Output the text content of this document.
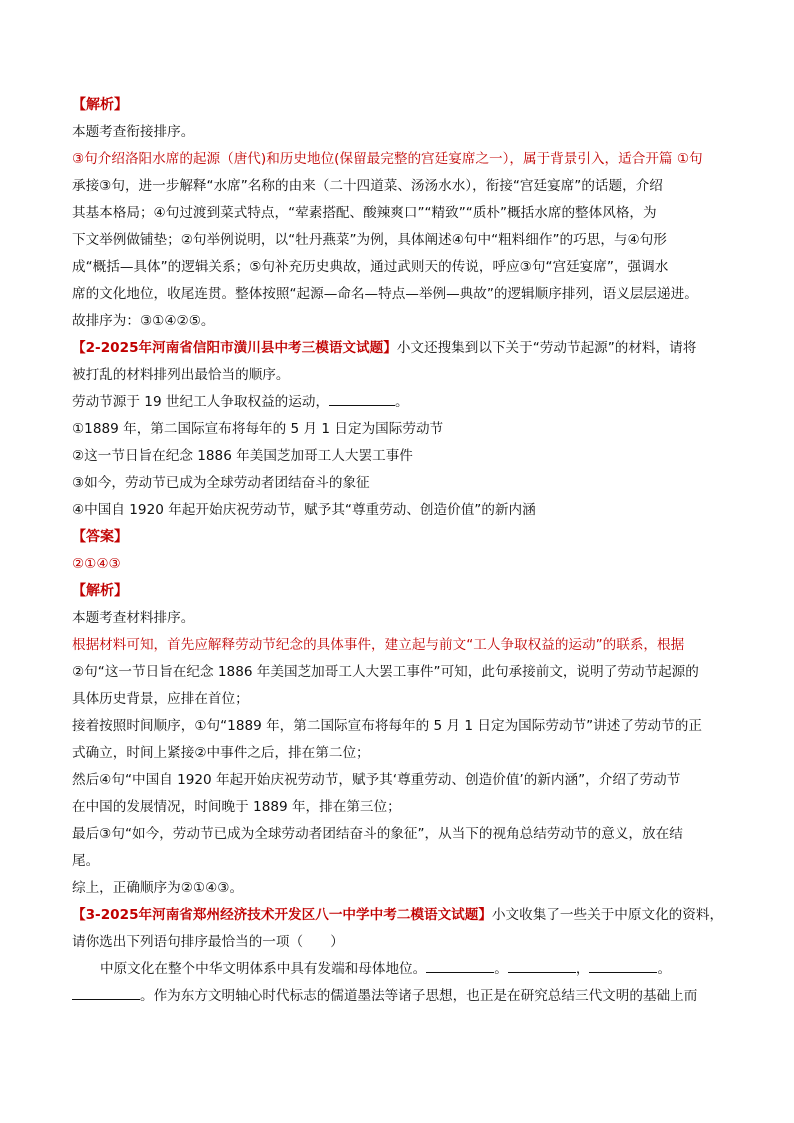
【解析】
本题考查衔接排序。
③句介绍洛阳水席的起源（唐代)和历史地位(保留最完整的宫廷宴席之一），属于背景引入，适合开篇 ①句
承接③句，进一步解释“水席”名称的由来（二十四道菜、汤汤水水），衔接“宫廷宴席”的话题，介绍
其基本格局；④句过渡到菜式特点，“荤素搭配、酸辣爽口”“精致”“质朴”概括水席的整体风格，为
下文举例做铺垫；②句举例说明，以“牡丹燕菜”为例，具体阐述④句中“粗料细作”的巧思，与④句形
成“概括—具体”的逻辑关系；⑤句补充历史典故，通过武则天的传说，呼应③句“宫廷宴席”，强调水
席的文化地位，收尾连贯。整体按照“起源—命名—特点—举例—典故”的逻辑顺序排列，语义层层递进。
故排序为：③①④②⑤。
【2-2025年河南省信阳市潢川县中考三模语文试题】小文还搜集到以下关于“劳动节起源”的材料，请将
被打乱的材料排列出最恰当的顺序。
劳动节源于 19 世纪工人争取权益的运动，	。
①1889 年，第二国际宣布将每年的 5 月 1 日定为国际劳动节
②这一节日旨在纪念 1886 年美国芝加哥工人大罢工事件
③如今，劳动节已成为全球劳动者团结奋斗的象征
④中国自 1920 年起开始庆祝劳动节，赋予其“尊重劳动、创造价值”的新内涵
【答案】
②①④③
【解析】
本题考查材料排序。
根据材料可知，首先应解释劳动节纪念的具体事件，建立起与前文“工人争取权益的运动”的联系，根据
②句“这一节日旨在纪念 1886 年美国芝加哥工人大罢工事件”可知，此句承接前文，说明了劳动节起源的
具体历史背景，应排在首位；
接着按照时间顺序，①句“1889 年，第二国际宣布将每年的 5 月 1 日定为国际劳动节”讲述了劳动节的正
式确立，时间上紧接②中事件之后，排在第二位；
然后④句“中国自 1920 年起开始庆祝劳动节，赋予其‘尊重劳动、创造价值’的新内涵”，介绍了劳动节
在中国的发展情况，时间晚于 1889 年，排在第三位；
最后③句“如今，劳动节已成为全球劳动者团结奋斗的象征”，从当下的视角总结劳动节的意义，放在结
尾。
综上，正确顺序为②①④③。
【3-2025年河南省郑州经济技术开发区八一中学中考二模语文试题】小文收集了一些关于中原文化的资料，
请你选出下列语句排序最恰当的一项（　　）
中原文化在整个中华文明体系中具有发端和母体地位。	。	，	。
。作为东方文明轴心时代标志的儒道墨法等诸子思想，也正是在研究总结三代文明的基础上而
